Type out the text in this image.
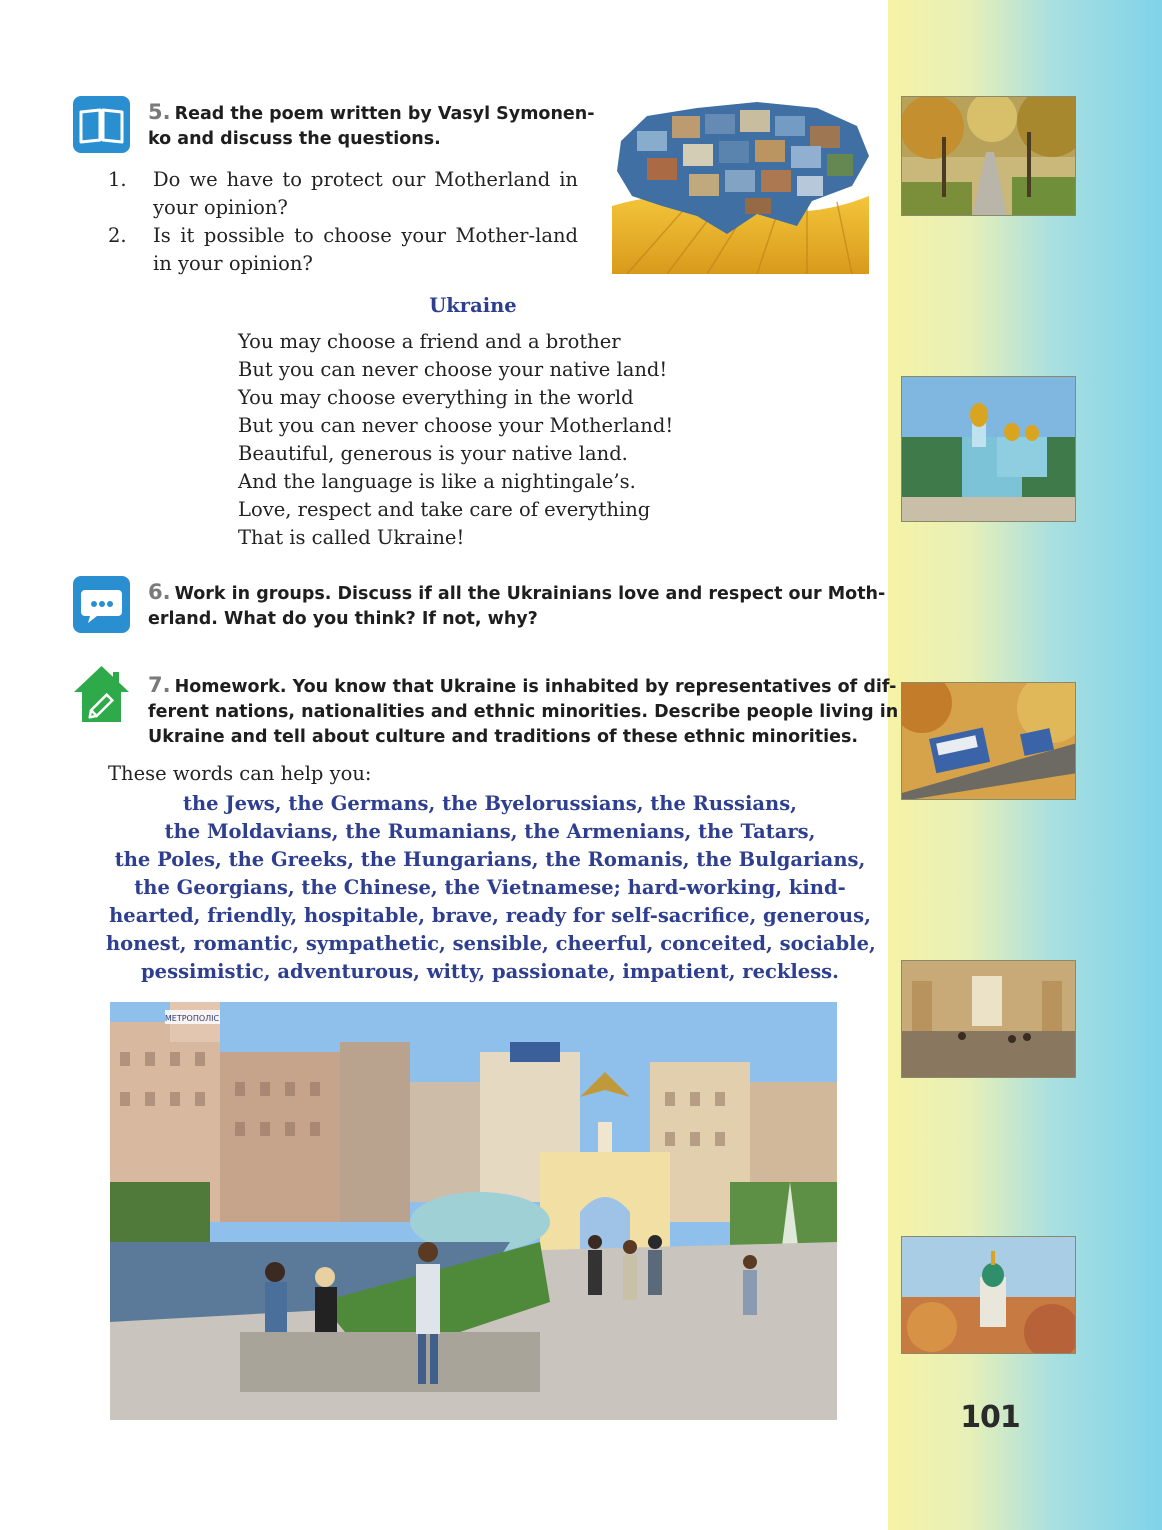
101
5. Read the poem written by Vasyl Symonen-
ko and discuss the questions.
1. Do we have to protect our Motherland in your opinion?
2. Is it possible to choose your Mother-land in your opinion?
Ukraine
You may choose a friend and a brother
But you can never choose your native land!
You may choose everything in the world
But you can never choose your Motherland!
Beautiful, generous is your native land.
And the language is like a nightingale’s.
Love, respect and take care of everything
That is called Ukraine!
6. Work in groups. Discuss if all the Ukrainians love and respect our Moth-
erland. What do you think? If not, why?
7. Homework. You know that Ukraine is inhabited by representatives of dif-
ferent nations, nationalities and ethnic minorities. Describe people living in
Ukraine and tell about culture and traditions of these ethnic minorities.
These words can help you:
the Jews, the Germans, the Byelorussians, the Russians,
the Moldavians, the Rumanians, the Armenians, the Tatars,
the Poles, the Greeks, the Hungarians, the Romanis, the Bulgarians,
the Georgians, the Chinese, the Vietnamese; hard-working, kind-
hearted, friendly, hospitable, brave, ready for self-sacrifice, generous,
honest, romantic, sympathetic, sensible, cheerful, conceited, sociable,
pessimistic, adventurous, witty, passionate, impatient, reckless.
МЕТРОПОЛІС
